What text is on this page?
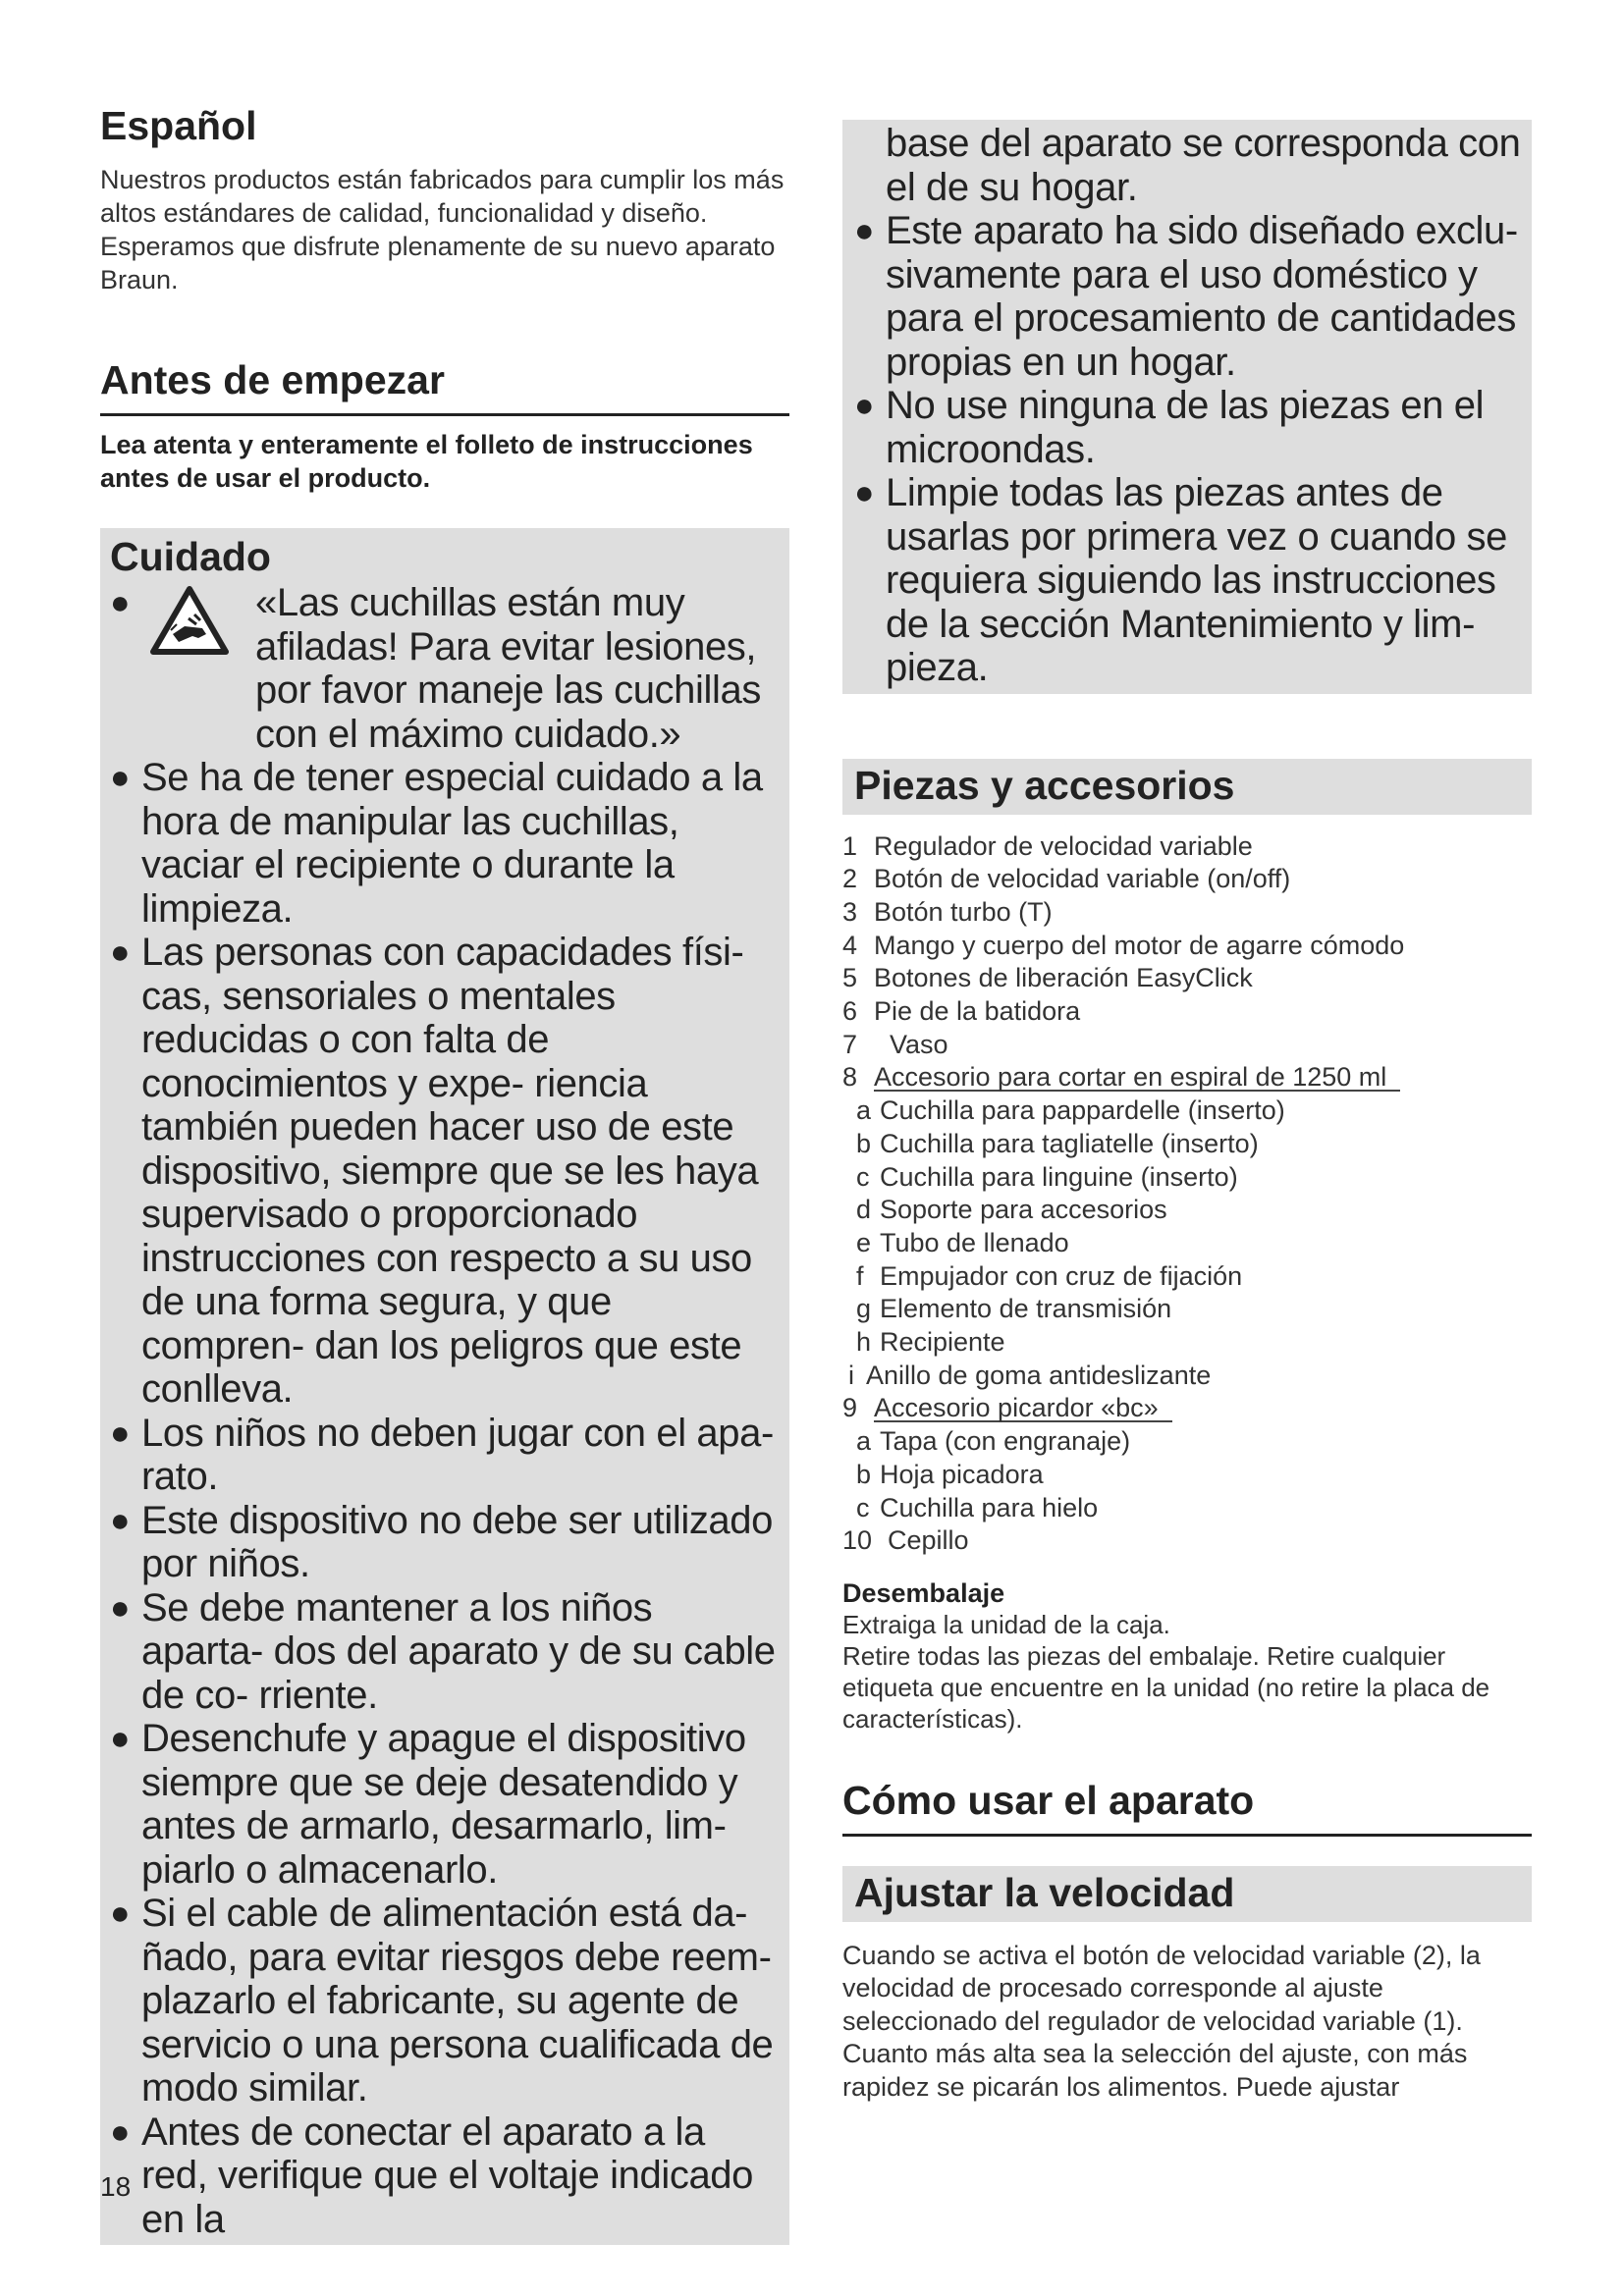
Español

Nuestros productos están fabricados para cumplir los más altos estándares de calidad, funcionalidad y diseño. Esperamos que disfrute plenamente de su nuevo aparato Braun.

Antes de empezar

Lea atenta y enteramente el folleto de instrucciones antes de usar el producto.

Cuidado
●	«Las cuchillas están muy afiladas! Para evitar lesiones, por favor maneje las cuchillas con el máximo cuidado.»
● Se ha de tener especial cuidado a la hora de manipular las cuchillas, vaciar el recipiente o durante la limpieza.
● Las personas con capacidades físi- cas, sensoriales o mentales reducidas o con falta de conocimientos y expe- riencia también pueden hacer uso de este dispositivo, siempre que se les haya supervisado o proporcionado instrucciones con respecto a su uso de una forma segura, y que compren- dan los peligros que este conlleva.
● Los niños no deben jugar con el apa- rato.
● Este dispositivo no debe ser utilizado por niños.
● Se debe mantener a los niños aparta- dos del aparato y de su cable de co- rriente.
● Desenchufe y apague el dispositivo siempre que se deje desatendido y antes de armarlo, desarmarlo, lim- piarlo o almacenarlo.
● Si el cable de alimentación está da- ñado, para evitar riesgos debe reem- plazarlo el fabricante, su agente de servicio o una persona cualificada de modo similar.
● Antes de conectar el aparato a la red, verifique que el voltaje indicado en la
base del aparato se corresponda con el de su hogar.
● Este aparato ha sido diseñado exclu- sivamente para el uso doméstico y para el procesamiento de cantidades propias en un hogar.
● No use ninguna de las piezas en el microondas.
● Limpie todas las piezas antes de usarlas por primera vez o cuando se requiera siguiendo las instrucciones de la sección Mantenimiento y lim- pieza.
Piezas y accesorios
1 Regulador de velocidad variable
2 Botón de velocidad variable (on/off)
3 Botón turbo (T)
4 Mango y cuerpo del motor de agarre cómodo
5 Botones de liberación EasyClick
6 Pie de la batidora
7 Vaso
8 Accesorio para cortar en espiral de 1250 ml
a Cuchilla para pappardelle (inserto)
b Cuchilla para tagliatelle (inserto)
c Cuchilla para linguine (inserto)
d Soporte para accesorios
e Tubo de llenado
f Empujador con cruz de fijación
g Elemento de transmisión
h Recipiente
i Anillo de goma antideslizante
9 Accesorio picardor «bc»
a Tapa (con engranaje)
b Hoja picadora
c Cuchilla para hielo
10 Cepillo

Desembalaje

Extraiga la unidad de la caja.

Retire todas las piezas del embalaje. Retire cualquier etiqueta que encuentre en la unidad (no retire la placa de características).

Cómo usar el aparato
Ajustar la velocidad

Cuando se activa el botón de velocidad variable (2), la velocidad de procesado corresponde al ajuste seleccionado del regulador de velocidad variable (1). Cuanto más alta sea la selección del ajuste, con más rapidez se picarán los alimentos. Puede ajustar

18
